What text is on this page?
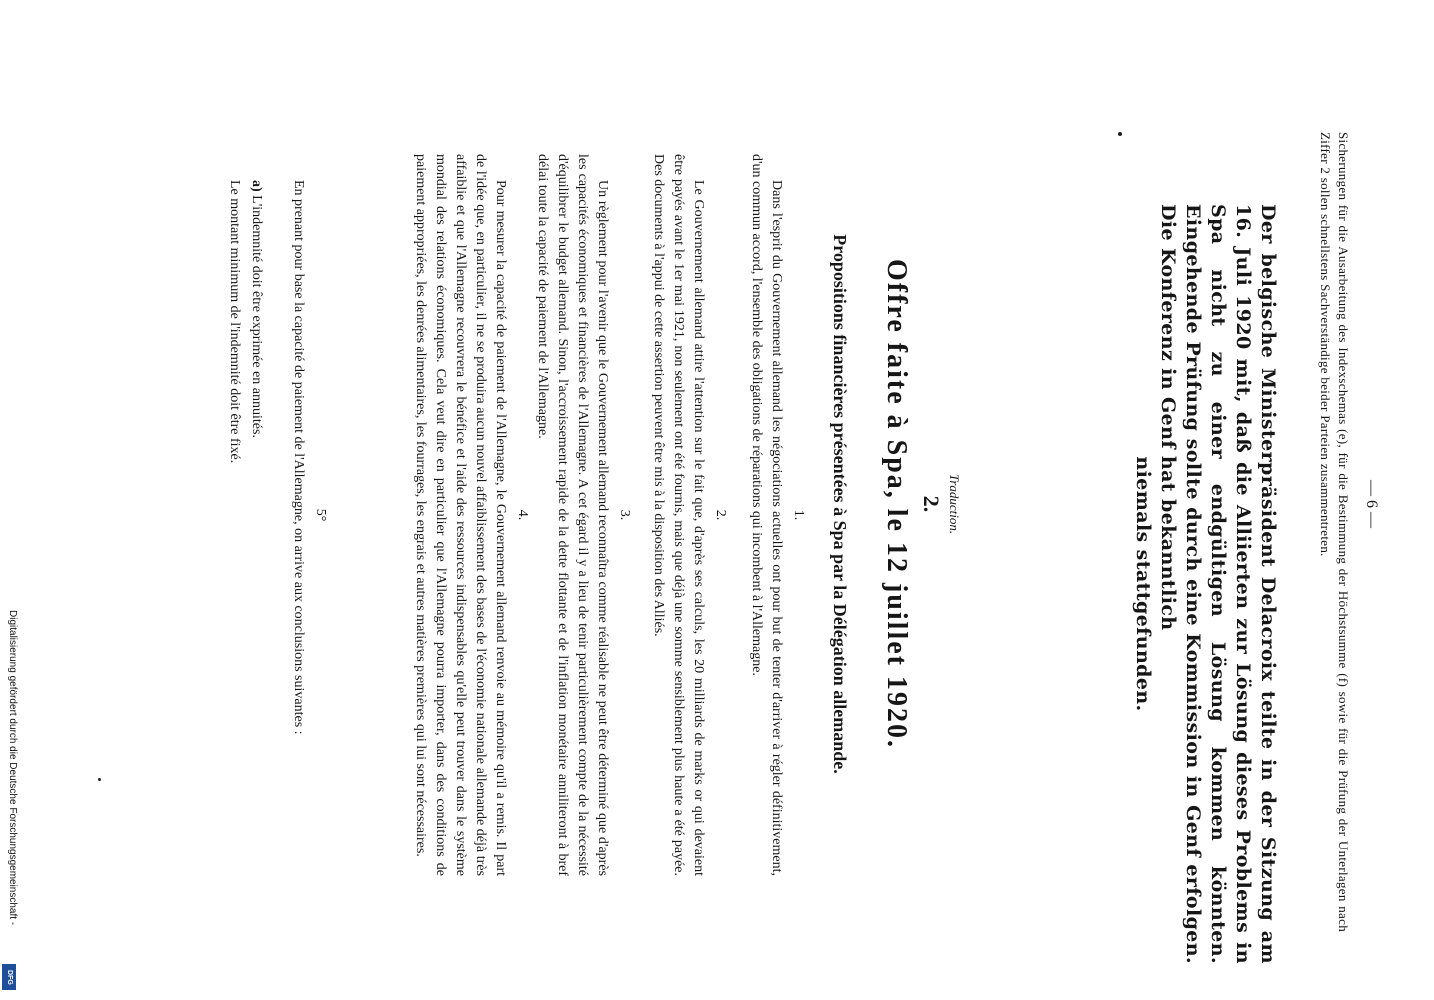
— 6 —

Sicherungen für die Ausarbeitung des Indexschemas (e), für die Bestimmung der Höchstsumme (f) sowie für die Prüfung der Unterlagen nach Ziffer 2 sollen schnellstens Sachverständige beider Parteien zusammentreten.

Der belgische Ministerpräsident Delacroix teilte in der Sitzung am 16. Juli 1920 mit, daß die Alliierten zur Lösung dieses Problems in Spa nicht zu einer endgültigen Lösung kommen könnten. Eingehende Prüfung sollte durch eine Kommission in Genf erfolgen. Die Konferenz in Genf hat bekanntlich
niemals stattgefunden.

Traduction.
2.
Offre faite à Spa, le 12 juillet 1920.
Propositions financières présentées à Spa par la Délégation allemande.
1.

Dans l'esprit du Gouvernement allemand les négociations actuelles ont pour but de tenter d'arriver à régler définitivement, d'un commun accord, l'ensemble des obligations de réparations qui incombent à l'Allemagne.

2.

Le Gouvernement allemand attire l'attention sur le fait que, d'après ses calculs, les 20 milliards de marks or qui devaient être payés avant le 1er mai 1921, non seulement ont été fournis, mais que déjà une somme sensiblement plus haute a été payée. Des documents à l'appui de cette assertion peuvent être mis à la disposition des Alliés.

3.

Un règlement pour l'avenir que le Gouvernement allemand reconnaîtra comme réalisable ne peut être déterminé que d'après les capacités économiques et financières de l'Allemagne. A cet égard il y a lieu de tenir particulièrement compte de la nécessité d'équilibrer le budget allemand. Sinon, l'accroissement rapide de la dette flottante et de l'inflation monétaire anniliteront à bref délai toute la capacité de paiement de l'Allemagne.

4.

Pour mesurer la capacité de paiement de l'Allemagne, le Gouvernement allemand renvoie au mémoire qu'il a remis. Il part de l'idée que, en particulier, il ne se produira aucun nouvel affaiblissement des bases de l'économie nationale allemande déjà très affaiblie et que l'Allemagne recouvrera le bénéfice et l'aide des ressources indispensables qu'elle peut trouver dans le système mondial des relations économiques. Cela veut dire en particulier que l'Allemagne pourra importer, dans des conditions de paiement appropriées, les denrées alimentaires, les fourrages, les engrais et autres matières premières qui lui sont nécessaires.

5°

En prenant pour base la capacité de paiement de l'Allemagne, on arrive aux conclusions suivantes :

a) L'indemnité doit être exprimée en annuités.

Le montant minimum de l'indemnité doit être fixé.

Digitalisierung gefördert durch die Deutsche Forschungsgemeinschaft -
DFG
